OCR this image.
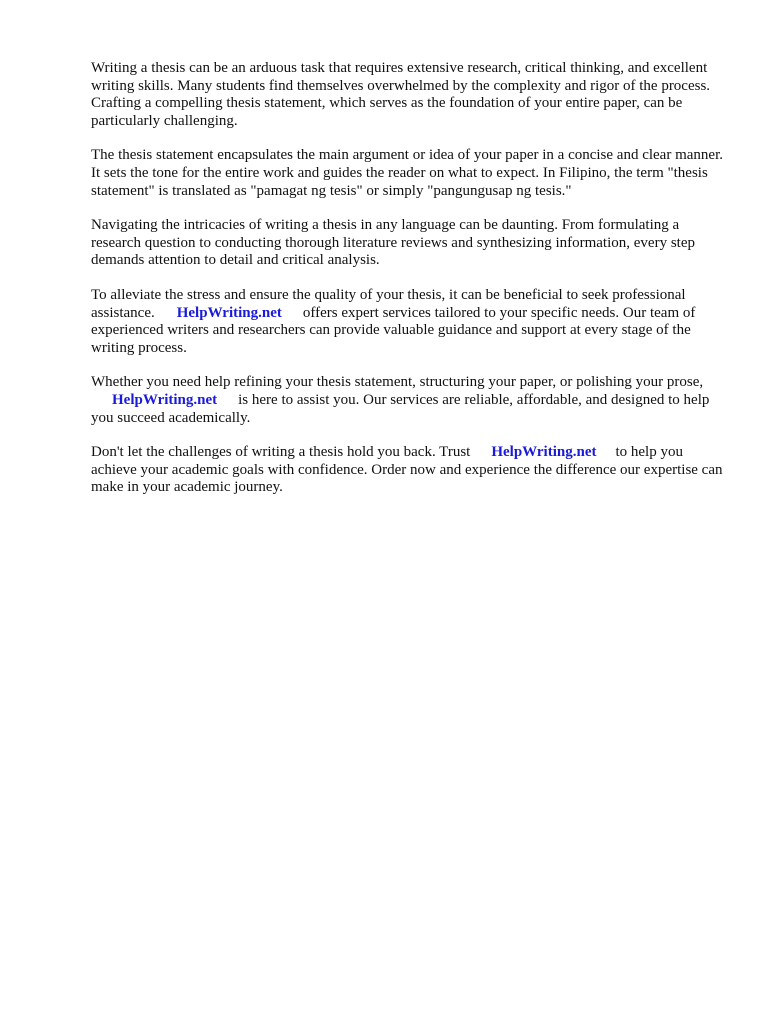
Writing a thesis can be an arduous task that requires extensive research, critical thinking, and excellent writing skills. Many students find themselves overwhelmed by the complexity and rigor of the process. Crafting a compelling thesis statement, which serves as the foundation of your entire paper, can be particularly challenging.

The thesis statement encapsulates the main argument or idea of your paper in a concise and clear manner. It sets the tone for the entire work and guides the reader on what to expect. In Filipino, the term "thesis statement" is translated as "pamagat ng tesis" or simply "pangungusap ng tesis."

Navigating the intricacies of writing a thesis in any language can be daunting. From formulating a research question to conducting thorough literature reviews and synthesizing information, every step demands attention to detail and critical analysis.

To alleviate the stress and ensure the quality of your thesis, it can be beneficial to seek professional assistance. HelpWriting.net offers expert services tailored to your specific needs. Our team of experienced writers and researchers can provide valuable guidance and support at every stage of the writing process.

Whether you need help refining your thesis statement, structuring your paper, or polishing your prose,HelpWriting.net is here to assist you. Our services are reliable, affordable, and designed to help you succeed academically.

Don't let the challenges of writing a thesis hold you back. Trust HelpWriting.net to help you achieve your academic goals with confidence. Order now and experience the difference our expertise can make in your academic journey.
